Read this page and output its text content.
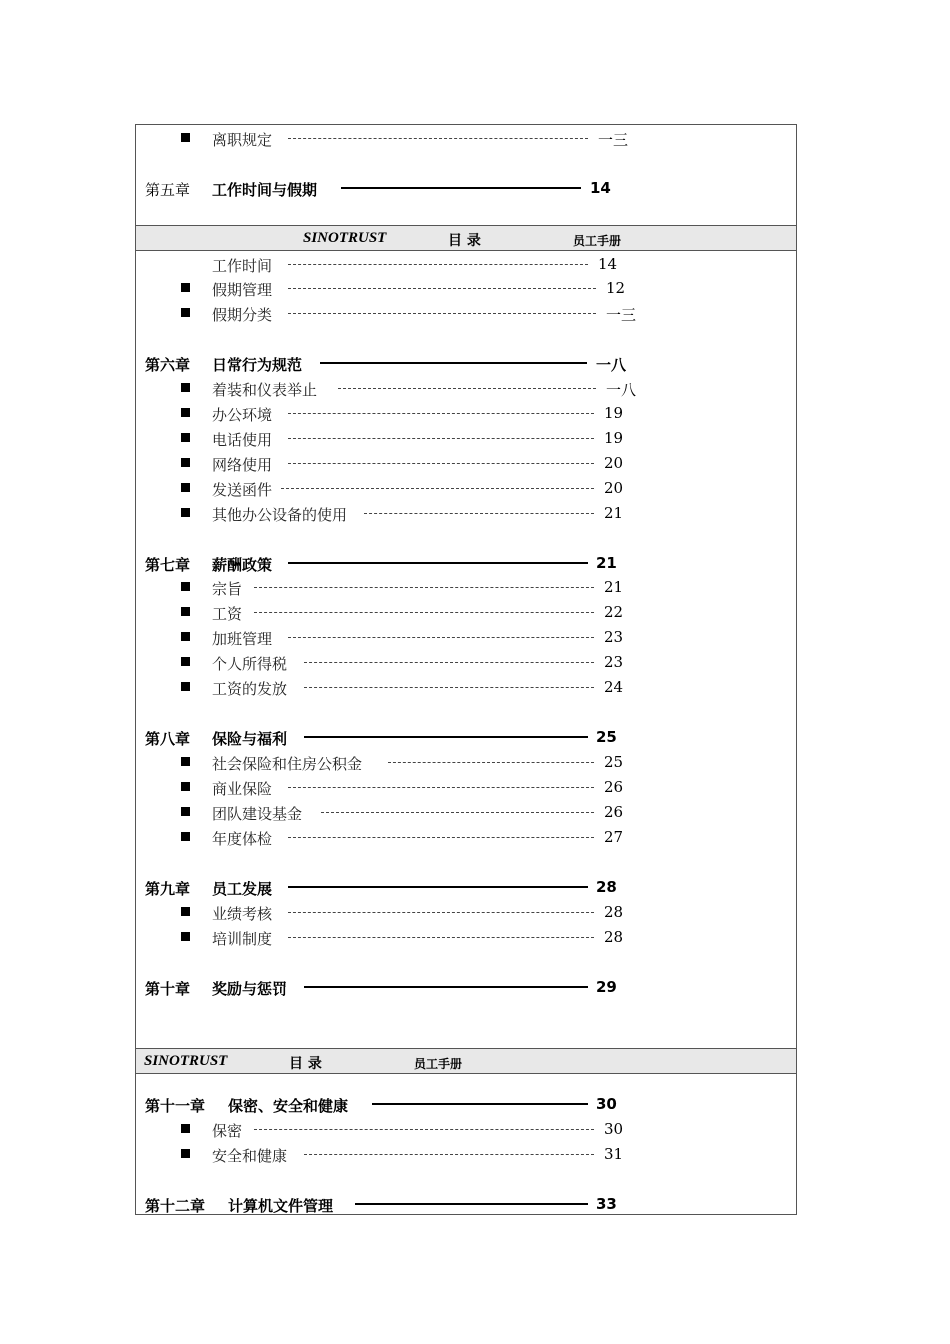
离职规定	一三
第五章 工作时间与假期	14
SINOTRUST	目 录	员工手册
工作时间	14
假期管理	12
假期分类	一三
第六章 日常行为规范	一八
着装和仪表举止	一八
办公环境	19
电话使用	19
网络使用	20
发送函件	20
其他办公设备的使用	21
第七章 薪酬政策	21
宗旨	21
工资	22
加班管理	23
个人所得税	23
工资的发放	24
第八章 保险与福利	25
社会保险和住房公积金	25
商业保险	26
团队建设基金	26
年度体检	27
第九章 员工发展	28
业绩考核	28
培训制度	28
第十章 奖励与惩罚	29
SINOTRUST	目 录	员工手册
第十一章 保密、安全和健康	30
保密	30
安全和健康	31
第十二章 计算机文件管理	33
